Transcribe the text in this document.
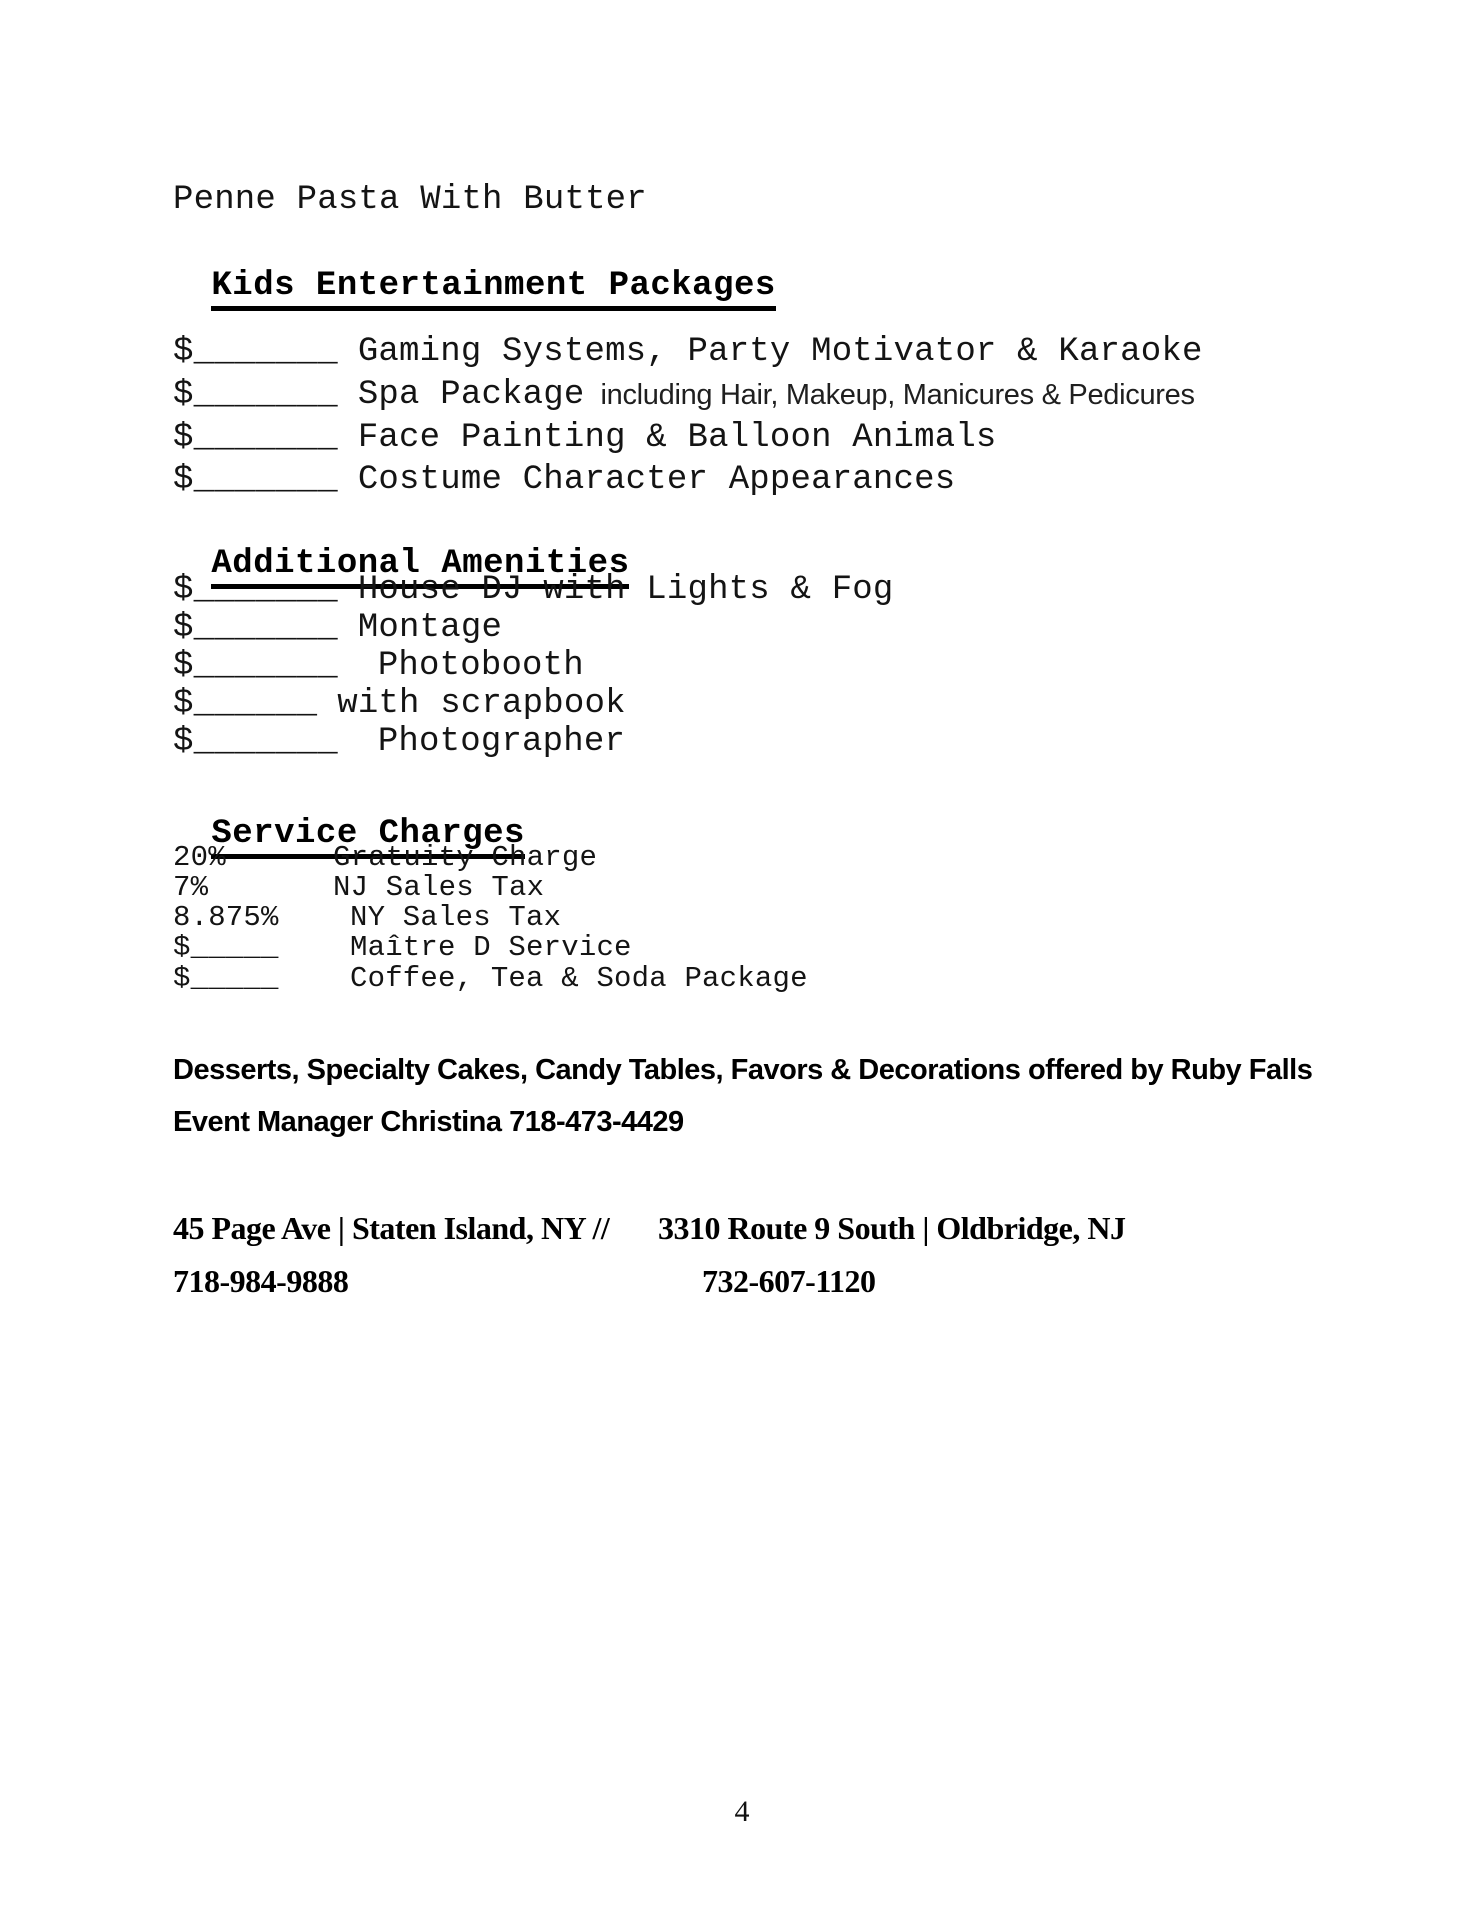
Penne Pasta With Butter

Kids Entertainment Packages

$_______ Gaming Systems, Party Motivator & Karaoke
$_______ Spa Package including Hair, Makeup, Manicures & Pedicures
$_______ Face Painting & Balloon Animals
$_______ Costume Character Appearances

Additional Amenities

$_______ House DJ with Lights & Fog
$_______ Montage
$_______ Photobooth
$______ with scrapbook
$_______ Photographer

Service Charges

20%	Gratuity Charge
7%	NJ Sales Tax
8.875%	NY Sales Tax
$_____	Maître D Service
$_____	Coffee, Tea & Soda Package
Desserts, Specialty Cakes, Candy Tables, Favors & Decorations offered by Ruby Falls
Event Manager Christina 718-473-4429
45 Page Ave | Staten Island, NY // 3310 Route 9 South | Oldbridge, NJ
718-984-9888	732-607-1120
4
